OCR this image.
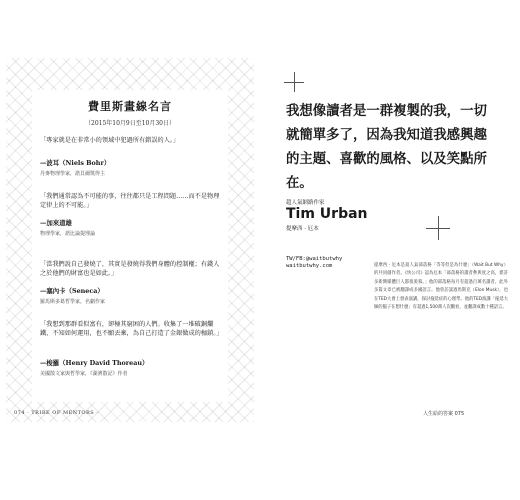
費里斯畫線名言
（2015年10月9日至10月30日）
「專家就是在非常小的領域中犯過所有錯誤的人。」
—波耳（Niels Bohr）
丹麥物理學家，諾貝爾獎得主
「我們通常認為不可能的事，往往都只是工程問題……而不是物理定律上的不可能。」
—加來道雄
物理學家，諾比論提理論
「當我們說自己發燒了，其實是發燒得我們身體的控制權；有錢人之於他們的財富也是如此。」
—塞內卡（Seneca）
羅馬斯多葛哲學家，名劇作家
「我想到那群看似富有，卻極其窮困的人們。收集了一堆破銅爛鐵，不知如何運用，也不願丟棄，為自己打造了金銀做成的枷鎖。」
—梭羅（Henry David Thoreau）
美國散文家與哲學家，《湖濱散記》作者
074 · TRIBE OF MENTORS ·
我想像讀者是一群複製的我，一切就簡單多了，因為我知道我感興趣的主題、喜歡的風格、以及笑點所在。
超人氣網路作家
Tim Urban
提摩西 · 厄本
TW/FB:@waitbutwhy
waitbutwhy.com	提摩西 · 厄本是超人氣部落格「等等但是為什麼」（Wait But Why）的共同創作者。《快公司》認為厄本「部落格的讀者參與度之高，堪許多新興媒體巨人都很羨慕。」他的部落格每月有超過百萬名讀者，此外多篇文章已被翻譯成多國語言。他曾訪談過馬斯克（Elon Musk），也在TED大會上發表演講，探討拖延症的心理學。他的TED演講「拖延大師的腦子在想什麼」有超過1,500萬人次觀看，並翻譯成數十種語言。
人生給的答案 075
